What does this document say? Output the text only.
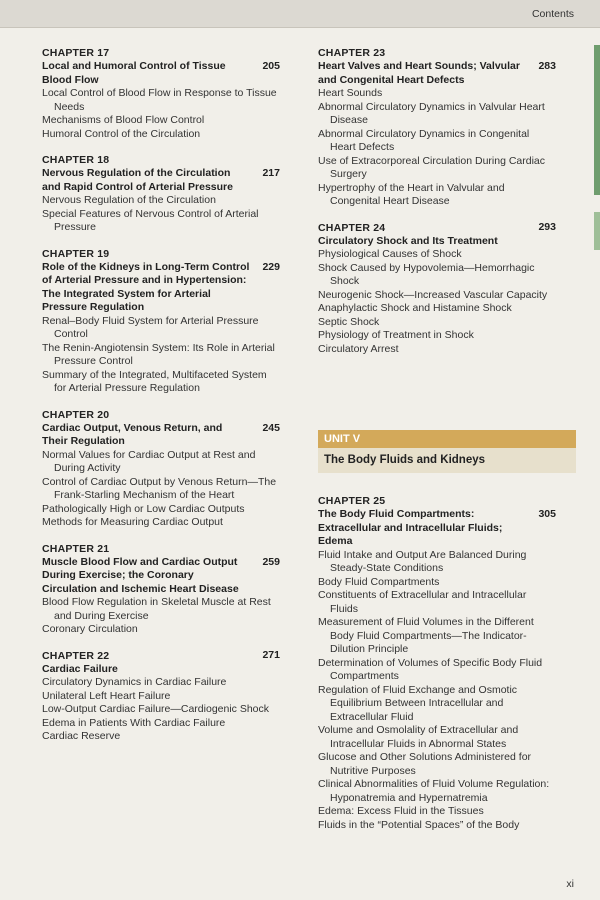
Contents
CHAPTER 17
205
Local and Humoral Control of Tissue Blood Flow
Local Control of Blood Flow in Response to Tissue Needs
Mechanisms of Blood Flow Control
Humoral Control of the Circulation
CHAPTER 18
217
Nervous Regulation of the Circulation and Rapid Control of Arterial Pressure
Nervous Regulation of the Circulation
Special Features of Nervous Control of Arterial Pressure
CHAPTER 19
229
Role of the Kidneys in Long-Term Control of Arterial Pressure and in Hypertension: The Integrated System for Arterial Pressure Regulation
Renal–Body Fluid System for Arterial Pressure Control
The Renin-Angiotensin System: Its Role in Arterial Pressure Control
Summary of the Integrated, Multifaceted System for Arterial Pressure Regulation
CHAPTER 20
245
Cardiac Output, Venous Return, and Their Regulation
Normal Values for Cardiac Output at Rest and During Activity
Control of Cardiac Output by Venous Return—The Frank-Starling Mechanism of the Heart
Pathologically High or Low Cardiac Outputs
Methods for Measuring Cardiac Output
CHAPTER 21
259
Muscle Blood Flow and Cardiac Output During Exercise; the Coronary Circulation and Ischemic Heart Disease
Blood Flow Regulation in Skeletal Muscle at Rest and During Exercise
Coronary Circulation
CHAPTER 22	271
Cardiac Failure
Circulatory Dynamics in Cardiac Failure
Unilateral Left Heart Failure
Low-Output Cardiac Failure—Cardiogenic Shock
Edema in Patients With Cardiac Failure
Cardiac Reserve
CHAPTER 23
283
Heart Valves and Heart Sounds; Valvular and Congenital Heart Defects
Heart Sounds
Abnormal Circulatory Dynamics in Valvular Heart Disease
Abnormal Circulatory Dynamics in Congenital Heart Defects
Use of Extracorporeal Circulation During Cardiac Surgery
Hypertrophy of the Heart in Valvular and Congenital Heart Disease
CHAPTER 24	293
Circulatory Shock and Its Treatment
Physiological Causes of Shock
Shock Caused by Hypovolemia—Hemorrhagic Shock
Neurogenic Shock—Increased Vascular Capacity
Anaphylactic Shock and Histamine Shock
Septic Shock
Physiology of Treatment in Shock
Circulatory Arrest
UNIT V
The Body Fluids and Kidneys
CHAPTER 25
305
The Body Fluid Compartments: Extracellular and Intracellular Fluids; Edema
Fluid Intake and Output Are Balanced During Steady-State Conditions
Body Fluid Compartments
Constituents of Extracellular and Intracellular Fluids
Measurement of Fluid Volumes in the Different Body Fluid Compartments—The Indicator-Dilution Principle
Determination of Volumes of Specific Body Fluid Compartments
Regulation of Fluid Exchange and Osmotic Equilibrium Between Intracellular and Extracellular Fluid
Volume and Osmolality of Extracellular and Intracellular Fluids in Abnormal States
Glucose and Other Solutions Administered for Nutritive Purposes
Clinical Abnormalities of Fluid Volume Regulation: Hyponatremia and Hypernatremia
Edema: Excess Fluid in the Tissues
Fluids in the “Potential Spaces” of the Body
xi
